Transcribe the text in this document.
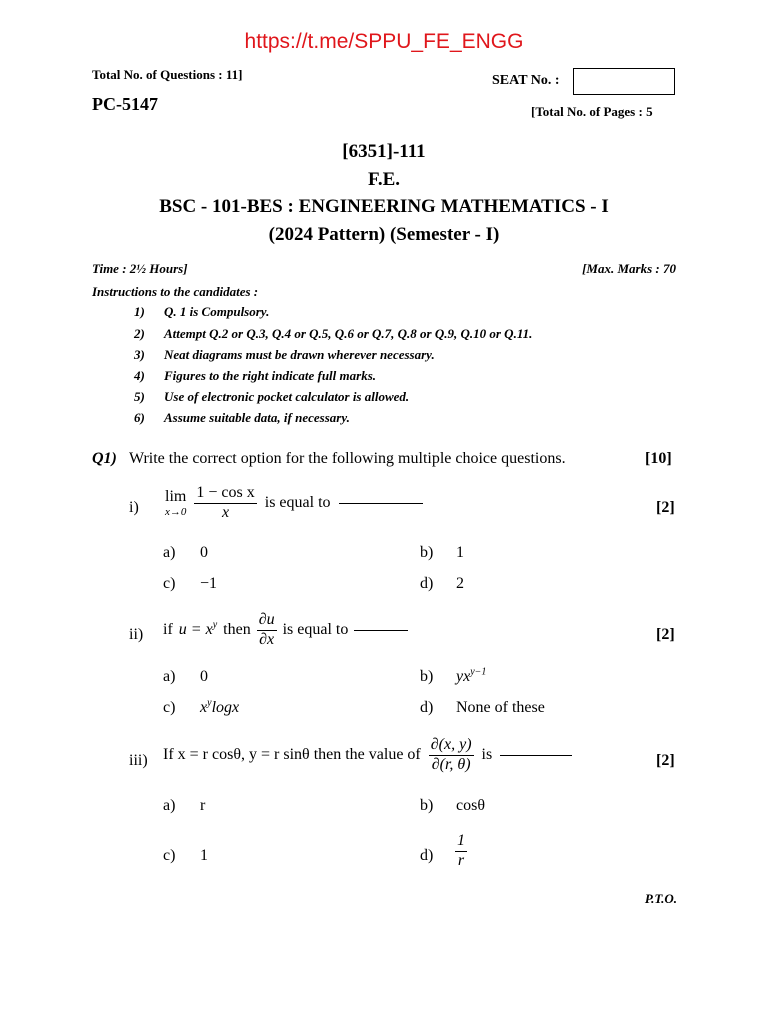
https://t.me/SPPU_FE_ENGG
Total No. of Questions : 11]	SEAT No. :
PC-5147	[Total No. of Pages : 5
[6351]-111
F.E.
BSC - 101-BES : ENGINEERING MATHEMATICS - I
(2024 Pattern) (Semester - I)
Time : 2½ Hours]	[Max. Marks : 70
Instructions to the candidates :
1) Q. 1 is Compulsory.
2) Attempt Q.2 or Q.3, Q.4 or Q.5, Q.6 or Q.7, Q.8 or Q.9, Q.10 or Q.11.
3) Neat diagrams must be drawn wherever necessary.
4) Figures to the right indicate full marks.
5) Use of electronic pocket calculator is allowed.
6) Assume suitable data, if necessary.
Q1) Write the correct option for the following multiple choice questions.	[10]
i)
lim
$x\to 0 \frac{\text{1 − cos x}}{x}$ is equal to	[2]
a) 0	b) 1
c) −1	d) 2
ii) if $u = x^y$ then $\frac{\partial u}{\partial x}$ is equal to	[2]
a) 0	b) $yx^{y-1}$
c) $x^y\log x$	d) None of these
iii) If x = r cosθ, y = r sinθ then the value of $\frac{\partial(x, y)}{\partial(r, \theta)}$ is	[2]
a) r	b) cosθ
c) 1	$d) \frac{1}{r}$
P.T.O.
